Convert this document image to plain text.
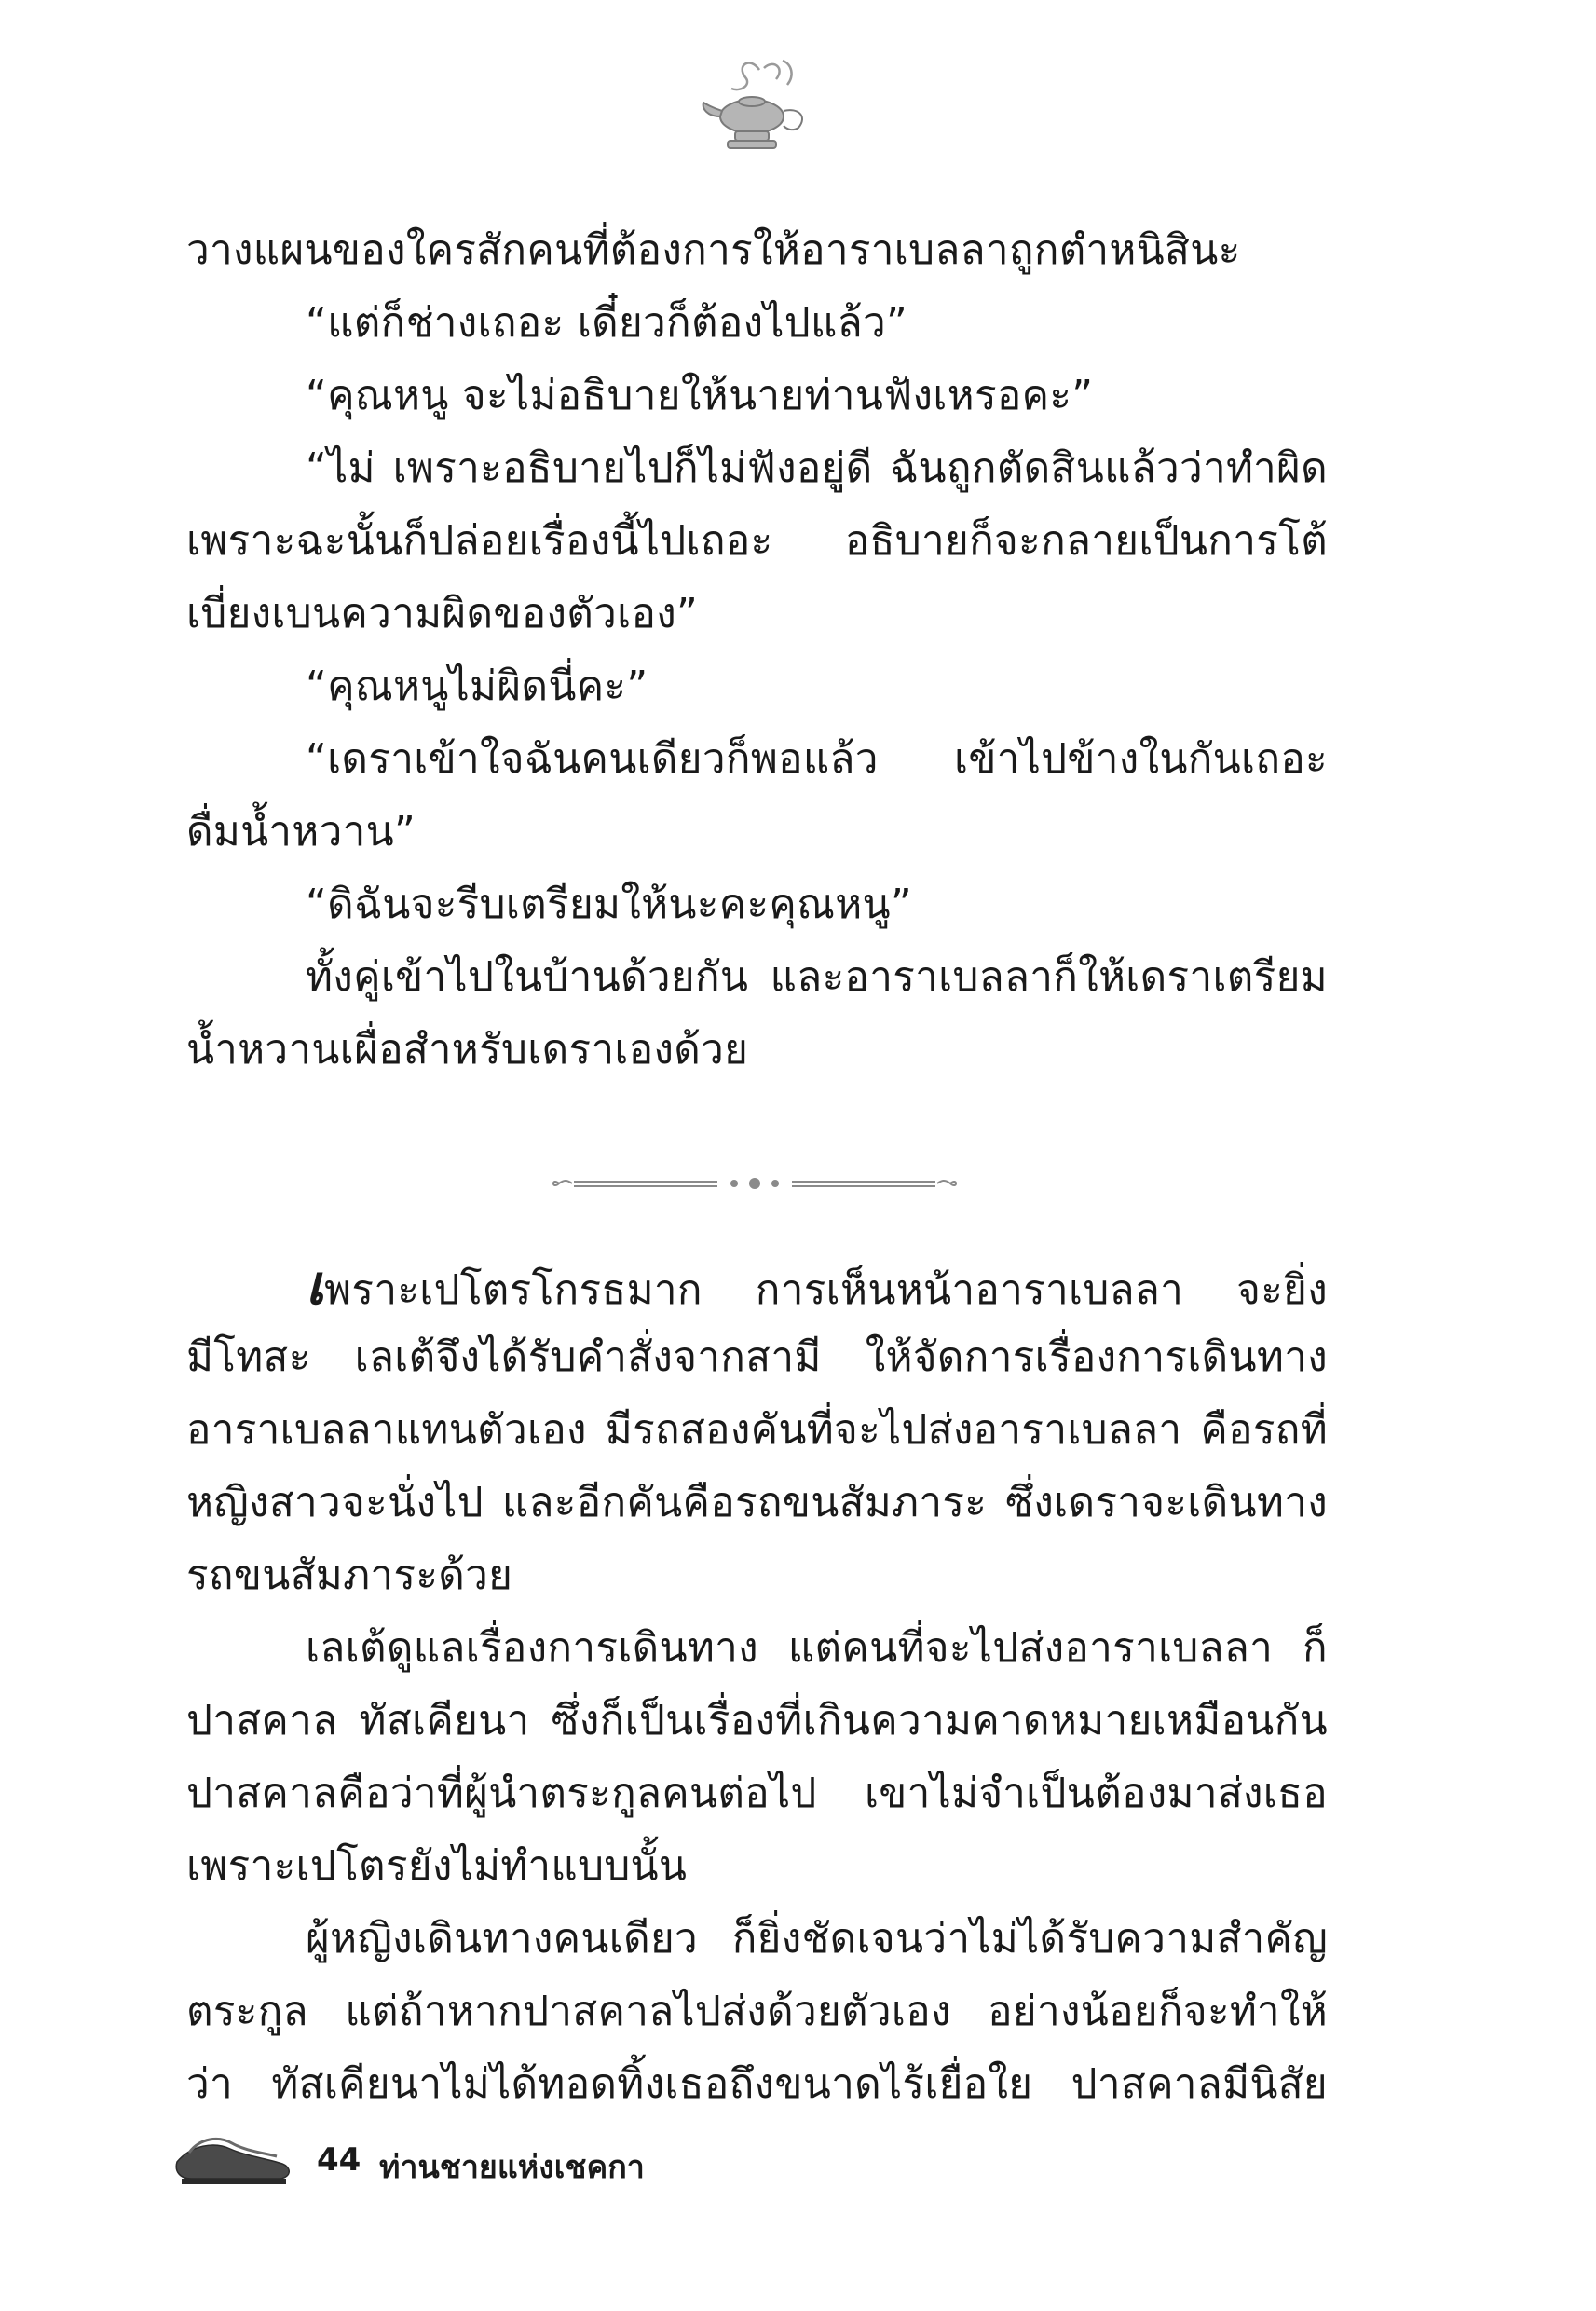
วางแผนของใครสักคนที่ต้องการให้อาราเบลลาถูกตำหนิสินะ
“แต่ก็ช่างเถอะ เดี๋ยวก็ต้องไปแล้ว”
“คุณหนู จะไม่อธิบายให้นายท่านฟังเหรอคะ”
“ไม่ เพราะอธิบายไปก็ไม่ฟังอยู่ดี ฉันถูกตัดสินแล้วว่าทำผิด
เพราะฉะนั้นก็ปล่อยเรื่องนี้ไปเถอะ อธิบายก็จะกลายเป็นการโต้
เบี่ยงเบนความผิดของตัวเอง”
“คุณหนูไม่ผิดนี่คะ”
“เดราเข้าใจฉันคนเดียวก็พอแล้ว เข้าไปข้างในกันเถอะ
ดื่มน้ำหวาน”
“ดิฉันจะรีบเตรียมให้นะคะคุณหนู”
ทั้งคู่เข้าไปในบ้านด้วยกัน และอาราเบลลาก็ให้เดราเตรียม
น้ำหวานเผื่อสำหรับเดราเองด้วย
เพราะเปโตรโกรธมาก การเห็นหน้าอาราเบลลา จะยิ่ง
มีโทสะ เลเต้จึงได้รับคำสั่งจากสามี ให้จัดการเรื่องการเดินทาง
อาราเบลลาแทนตัวเอง มีรถสองคันที่จะไปส่งอาราเบลลา คือรถที่
หญิงสาวจะนั่งไป และอีกคันคือรถขนสัมภาระ ซึ่งเดราจะเดินทาง
รถขนสัมภาระด้วย
เลเต้ดูแลเรื่องการเดินทาง แต่คนที่จะไปส่งอาราเบลลา ก็
ปาสคาล ทัสเคียนา ซึ่งก็เป็นเรื่องที่เกินความคาดหมายเหมือนกัน
ปาสคาลคือว่าที่ผู้นำตระกูลคนต่อไป เขาไม่จำเป็นต้องมาส่งเธอ
เพราะเปโตรยังไม่ทำแบบนั้น
ผู้หญิงเดินทางคนเดียว ก็ยิ่งชัดเจนว่าไม่ได้รับความสำคัญ
ตระกูล แต่ถ้าหากปาสคาลไปส่งด้วยตัวเอง อย่างน้อยก็จะทำให้
ว่า ทัสเคียนาไม่ได้ทอดทิ้งเธอถึงขนาดไร้เยื่อใย ปาสคาลมีนิสัย
44 ท่านชายแห่งเชคกา
